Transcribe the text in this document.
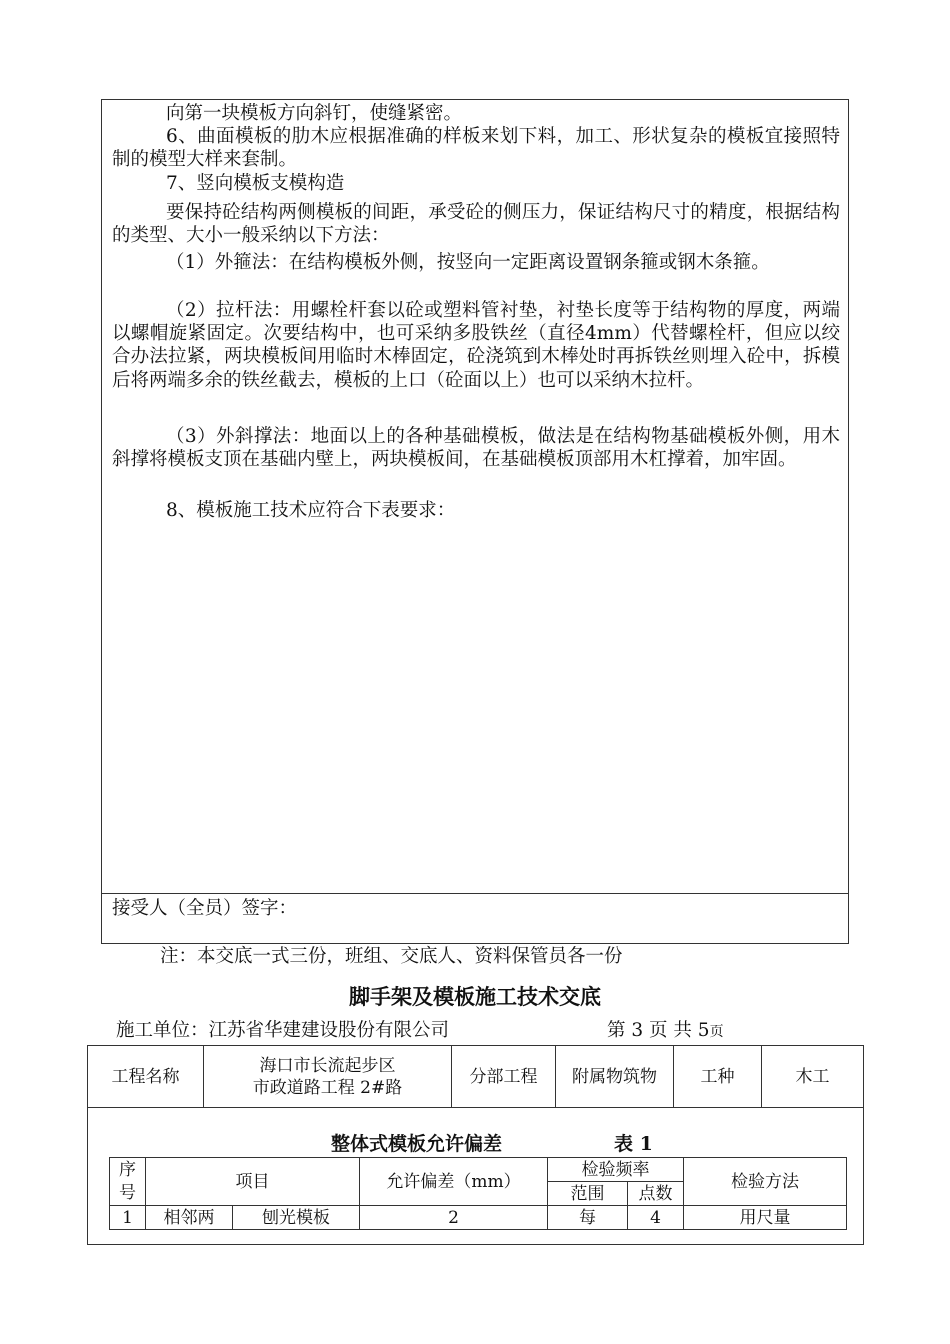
向第一块模板方向斜钉，使缝紧密。
6、曲面模板的肋木应根据准确的样板来划下料，加工、形状复杂的模板宜接照特制的模型大样来套制。
7、竖向模板支模构造
要保持砼结构两侧模板的间距，承受砼的侧压力，保证结构尺寸的精度，根据结构的类型、大小一般采纳以下方法：
（1）外箍法：在结构模板外侧，按竖向一定距离设置钢条箍或钢木条箍。
（2）拉杆法：用螺栓杆套以砼或塑料管衬垫，衬垫长度等于结构物的厚度，两端以螺帽旋紧固定。次要结构中，也可采纳多股铁丝（直径4mm）代替螺栓杆，但应以绞合办法拉紧，两块模板间用临时木棒固定，砼浇筑到木棒处时再拆铁丝则埋入砼中，拆模后将两端多余的铁丝截去，模板的上口（砼面以上）也可以采纳木拉杆。
（3）外斜撑法：地面以上的各种基础模板，做法是在结构物基础模板外侧，用木斜撑将模板支顶在基础内壁上，两块模板间，在基础模板顶部用木杠撑着，加牢固。
8、模板施工技术应符合下表要求：
接受人（全员）签字：
注：本交底一式三份，班组、交底人、资料保管员各一份
脚手架及模板施工技术交底
施工单位：江苏省华建建设股份有限公司	第 3 页 共 5页
工程名称
海口市长流起步区
市政道路工程 2#路
分部工程	附属物筑物	工种	木工
整体式模板允许偏差	表 1
序
号	项目		允许偏差（mm）	检验频率		检验方法
				范围	点数	
1	相邻两	刨光模板	2	每	4	用尺量
